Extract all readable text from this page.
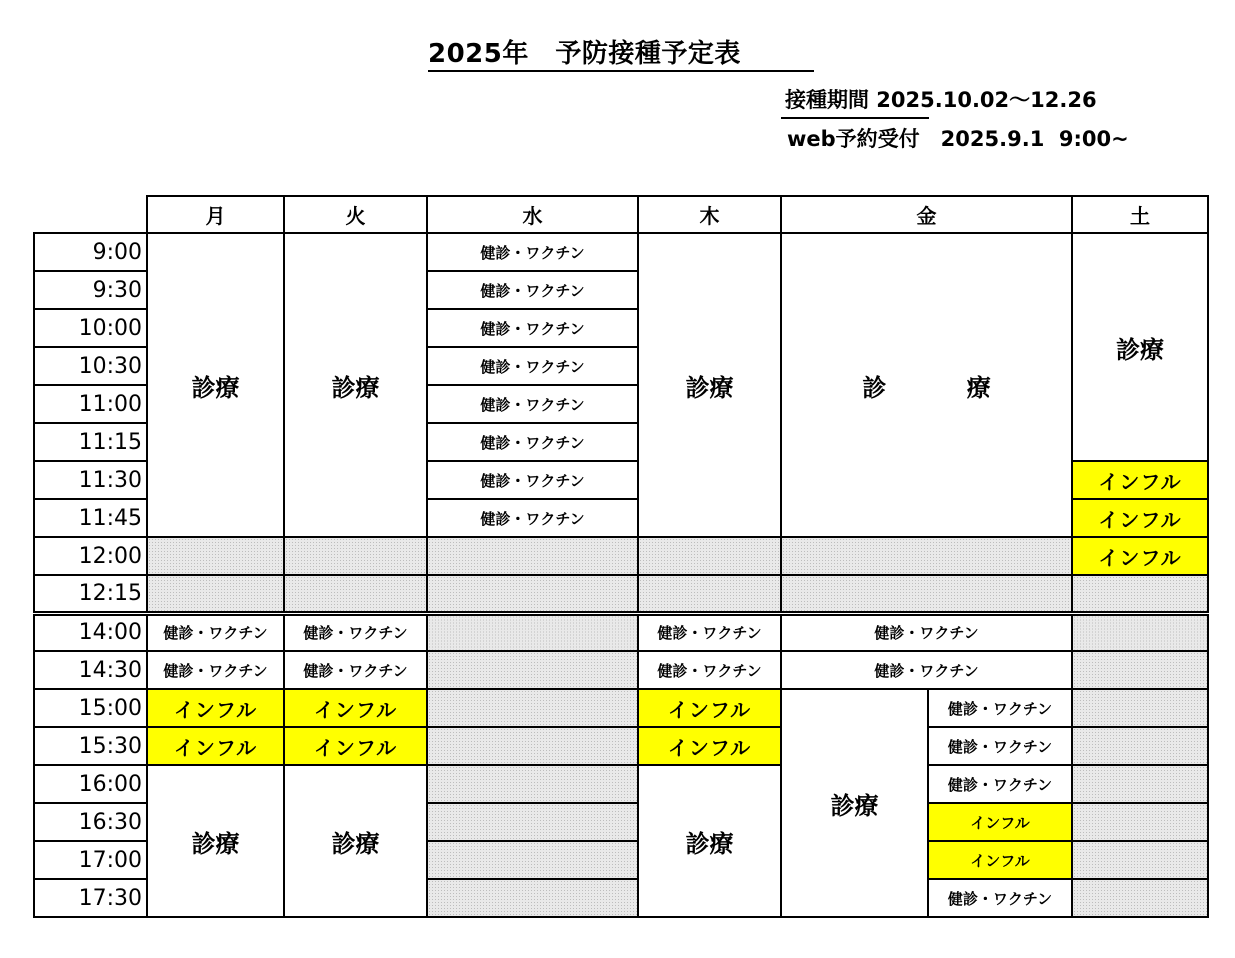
2025年　予防接種予定表
接種期間 2025.10.02～12.26
web予約受付　2025.9.1  9:00~
	月	火	水	木	金		土
9:00	診療	診療	健診・ワクチン	診療	診 療		診療
9:30			健診・ワクチン				
10:00			健診・ワクチン				
10:30			健診・ワクチン				
11:00			健診・ワクチン				
11:15			健診・ワクチン				
11:30			健診・ワクチン				インフル
11:45			健診・ワクチン				インフル
12:00							インフル
12:15							
14:00	健診・ワクチン	健診・ワクチン		健診・ワクチン	健診・ワクチン		
14:30	健診・ワクチン	健診・ワクチン		健診・ワクチン	健診・ワクチン		
15:00	インフル	インフル		インフル	診療	健診・ワクチン	
15:30	インフル	インフル		インフル		健診・ワクチン	
16:00	診療	診療		診療		健診・ワクチン	
16:30						インフル	
17:00						インフル	
17:30						健診・ワクチン	
